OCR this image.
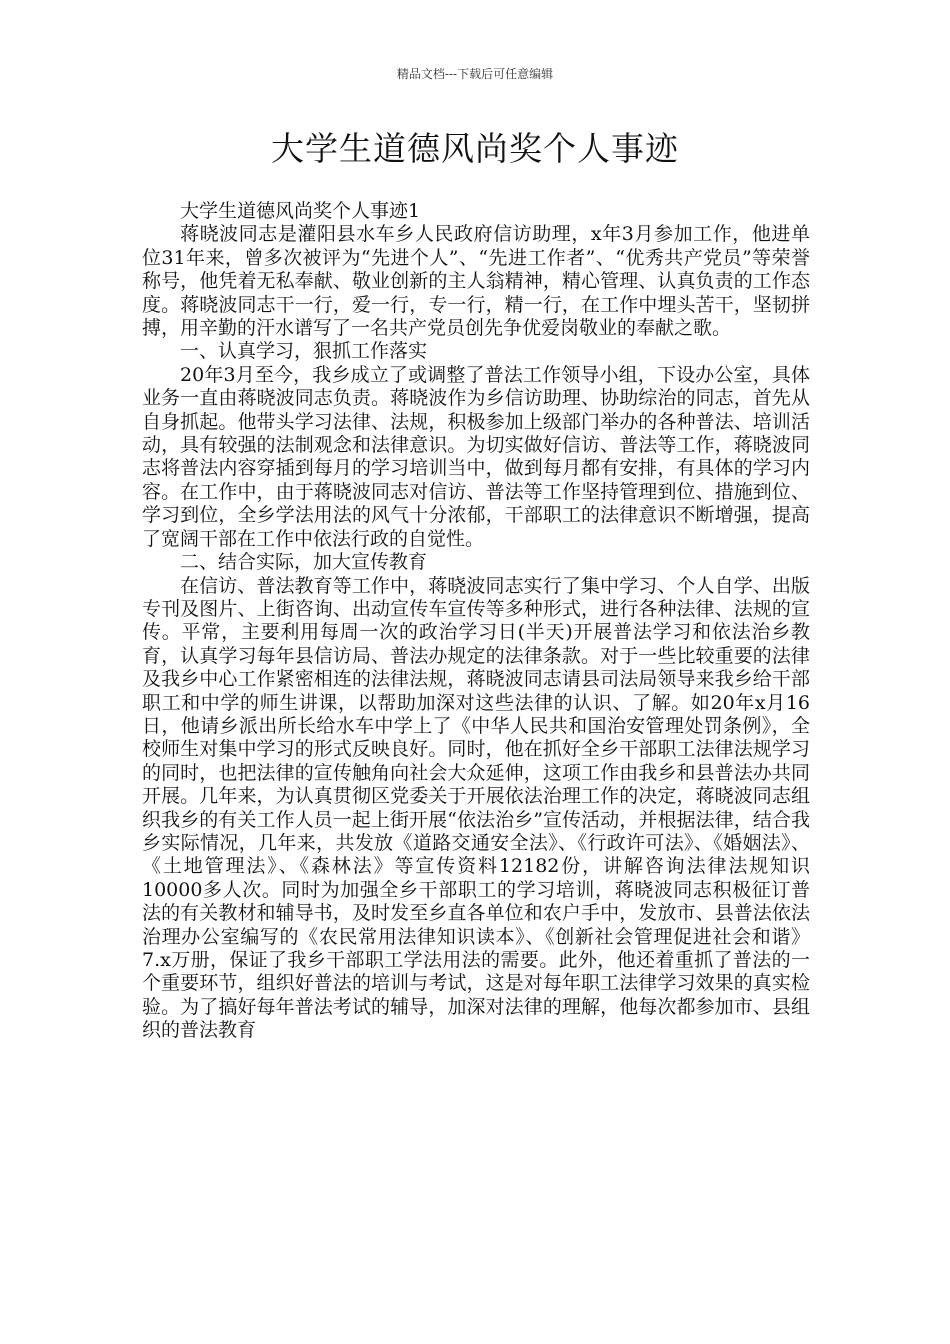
精品文档---下载后可任意编辑
大学生道德风尚奖个人事迹

大学生道德风尚奖个人事迹1

蒋晓波同志是灌阳县水车乡人民政府信访助理，x年3月参加工作，他进单位31年来，曾多次被评为“先进个人”、“先进工作者”、“优秀共产党员”等荣誉称号，他凭着无私奉献、敬业创新的主人翁精神，精心管理、认真负责的工作态度。蒋晓波同志干一行，爱一行，专一行，精一行，在工作中埋头苦干，坚韧拼搏，用辛勤的汗水谱写了一名共产党员创先争优爱岗敬业的奉献之歌。

一、认真学习，狠抓工作落实

20年3月至今，我乡成立了或调整了普法工作领导小组，下设办公室，具体业务一直由蒋晓波同志负责。蒋晓波作为乡信访助理、协助综治的同志，首先从自身抓起。他带头学习法律、法规，积极参加上级部门举办的各种普法、培训活动，具有较强的法制观念和法律意识。为切实做好信访、普法等工作，蒋晓波同志将普法内容穿插到每月的学习培训当中，做到每月都有安排，有具体的学习内容。在工作中，由于蒋晓波同志对信访、普法等工作坚持管理到位、措施到位、学习到位，全乡学法用法的风气十分浓郁，干部职工的法律意识不断增强，提高了宽阔干部在工作中依法行政的自觉性。

二、结合实际，加大宣传教育

在信访、普法教育等工作中，蒋晓波同志实行了集中学习、个人自学、出版专刊及图片、上街咨询、出动宣传车宣传等多种形式，进行各种法律、法规的宣传。平常，主要利用每周一次的政治学习日(半天)开展普法学习和依法治乡教育，认真学习每年县信访局、普法办规定的法律条款。对于一些比较重要的法律及我乡中心工作紧密相连的法律法规，蒋晓波同志请县司法局领导来我乡给干部职工和中学的师生讲课，以帮助加深对这些法律的认识、了解。如20年x月16日，他请乡派出所长给水车中学上了《中华人民共和国治安管理处罚条例》，全校师生对集中学习的形式反映良好。同时，他在抓好全乡干部职工法律法规学习的同时，也把法律的宣传触角向社会大众延伸，这项工作由我乡和县普法办共同开展。几年来，为认真贯彻区党委关于开展依法治理工作的决定，蒋晓波同志组织我乡的有关工作人员一起上街开展“依法治乡”宣传活动，并根据法律，结合我乡实际情况，几年来，共发放《道路交通安全法》、《行政许可法》、《婚姻法》、《土地管理法》、《森林法》等宣传资料12182份，讲解咨询法律法规知识10000多人次。同时为加强全乡干部职工的学习培训，蒋晓波同志积极征订普法的有关教材和辅导书，及时发至乡直各单位和农户手中，发放市、县普法依法治理办公室编写的《农民常用法律知识读本》、《创新社会管理促进社会和谐》7.x万册，保证了我乡干部职工学法用法的需要。此外，他还着重抓了普法的一个重要环节，组织好普法的培训与考试，这是对每年职工法律学习效果的真实检验。为了搞好每年普法考试的辅导，加深对法律的理解，他每次都参加市、县组织的普法教育
